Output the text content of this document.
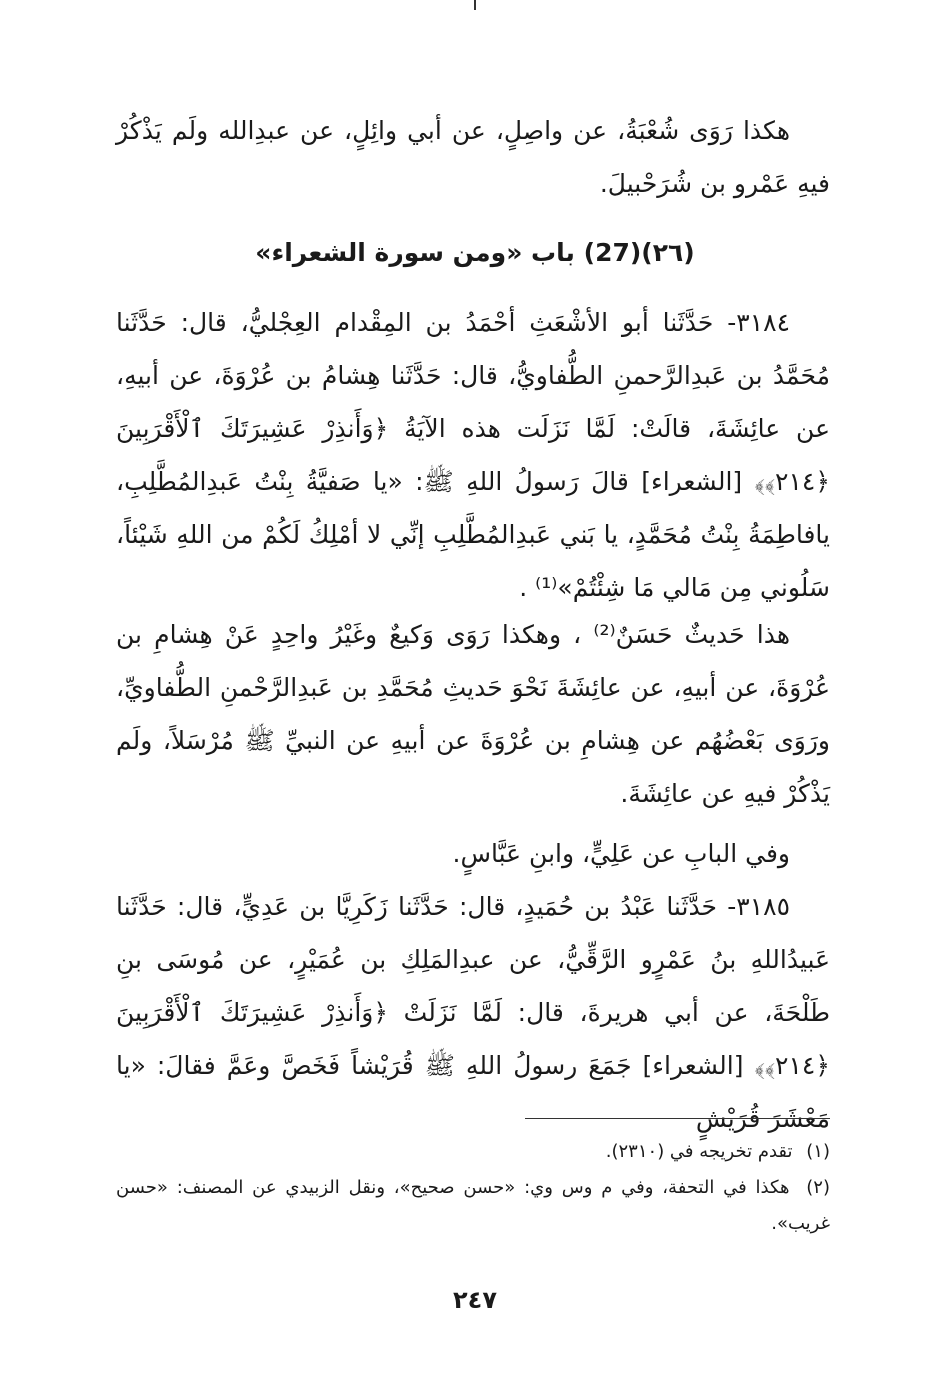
هكذا رَوَى شُعْبَةُ، عن واصِلٍ، عن أبي وائِلٍ، عن عبدِالله ولَم يَذْكُرْ فيهِ عَمْرو بن شُرَحْبيلَ.

(٢٦)(27) باب «ومن سورة الشعراء»

٣١٨٤- حَدَّثَنا أبو الأشْعَثِ أحْمَدُ بن المِقْدام العِجْليُّ، قال: حَدَّثَنا مُحَمَّدُ بن عَبدِالرَّحمنِ الطُّفاويُّ، قال: حَدَّثَنا هِشامُ بن عُرْوَةَ، عن أبيهِ، عن عائِشَةَ، قالَتْ: لَمَّا نَزَلَت هذه الآيَةُ ﴿وَأَنذِرْ عَشِيرَتَكَ ٱلْأَقْرَبِينَ ﴿٢١٤﴾﴾ [الشعراء] قالَ رَسولُ اللهِ ﷺ: «يا صَفيَّةُ بِنْتُ عَبدِالمُطَّلِبِ، يافاطِمَةُ بِنْتُ مُحَمَّدٍ، يا بَني عَبدِالمُطَّلِبِ إنِّي لا أمْلِكُ لَكُمْ من اللهِ شَيْئاً، سَلُوني مِن مَالي مَا شِئْتُمْ»⁽¹⁾ .

هذا حَديثٌ حَسَنٌ⁽²⁾ ، وهكذا رَوَى وَكيعٌ وغَيْرُ واحِدٍ عَنْ هِشامِ بن عُرْوَةَ، عن أبيهِ، عن عائِشَةَ نَحْوَ حَديثِ مُحَمَّدِ بن عَبدِالرَّحْمنِ الطُّفاويِّ، ورَوَى بَعْضُهُم عن هِشامِ بن عُرْوَةَ عن أبيهِ عن النبيِّ ﷺ مُرْسَلاً، ولَم يَذْكُرْ فيهِ عن عائِشَةَ.

وفي البابِ عن عَلِيٍّ، وابنِ عَبَّاسٍ.

٣١٨٥- حَدَّثَنا عَبْدُ بن حُمَيدٍ، قال: حَدَّثَنا زَكَرِيَّا بن عَدِيٍّ، قال: حَدَّثَنا عَبيدُاللهِ بنُ عَمْرٍو الرَّقِّيُّ، عن عبدِالمَلِكِ بن عُمَيْرٍ، عن مُوسَى بنِ طَلْحَةَ، عن أبي هريرةَ، قال: لَمَّا نَزَلَتْ ﴿وَأَنذِرْ عَشِيرَتَكَ ٱلْأَقْرَبِينَ ﴿٢١٤﴾﴾ [الشعراء] جَمَعَ رسولُ اللهِ ﷺ قُرَيْشاً فَخَصَّ وعَمَّ فقالَ: «يا مَعْشَرَ قُرَيْشٍ

(١) تقدم تخريجه في (٢٣١٠).
(٢) هكذا في التحفة، وفي م وس وي: «حسن صحيح»، ونقل الزبيدي عن المصنف: «حسن غريب».
٢٤٧
